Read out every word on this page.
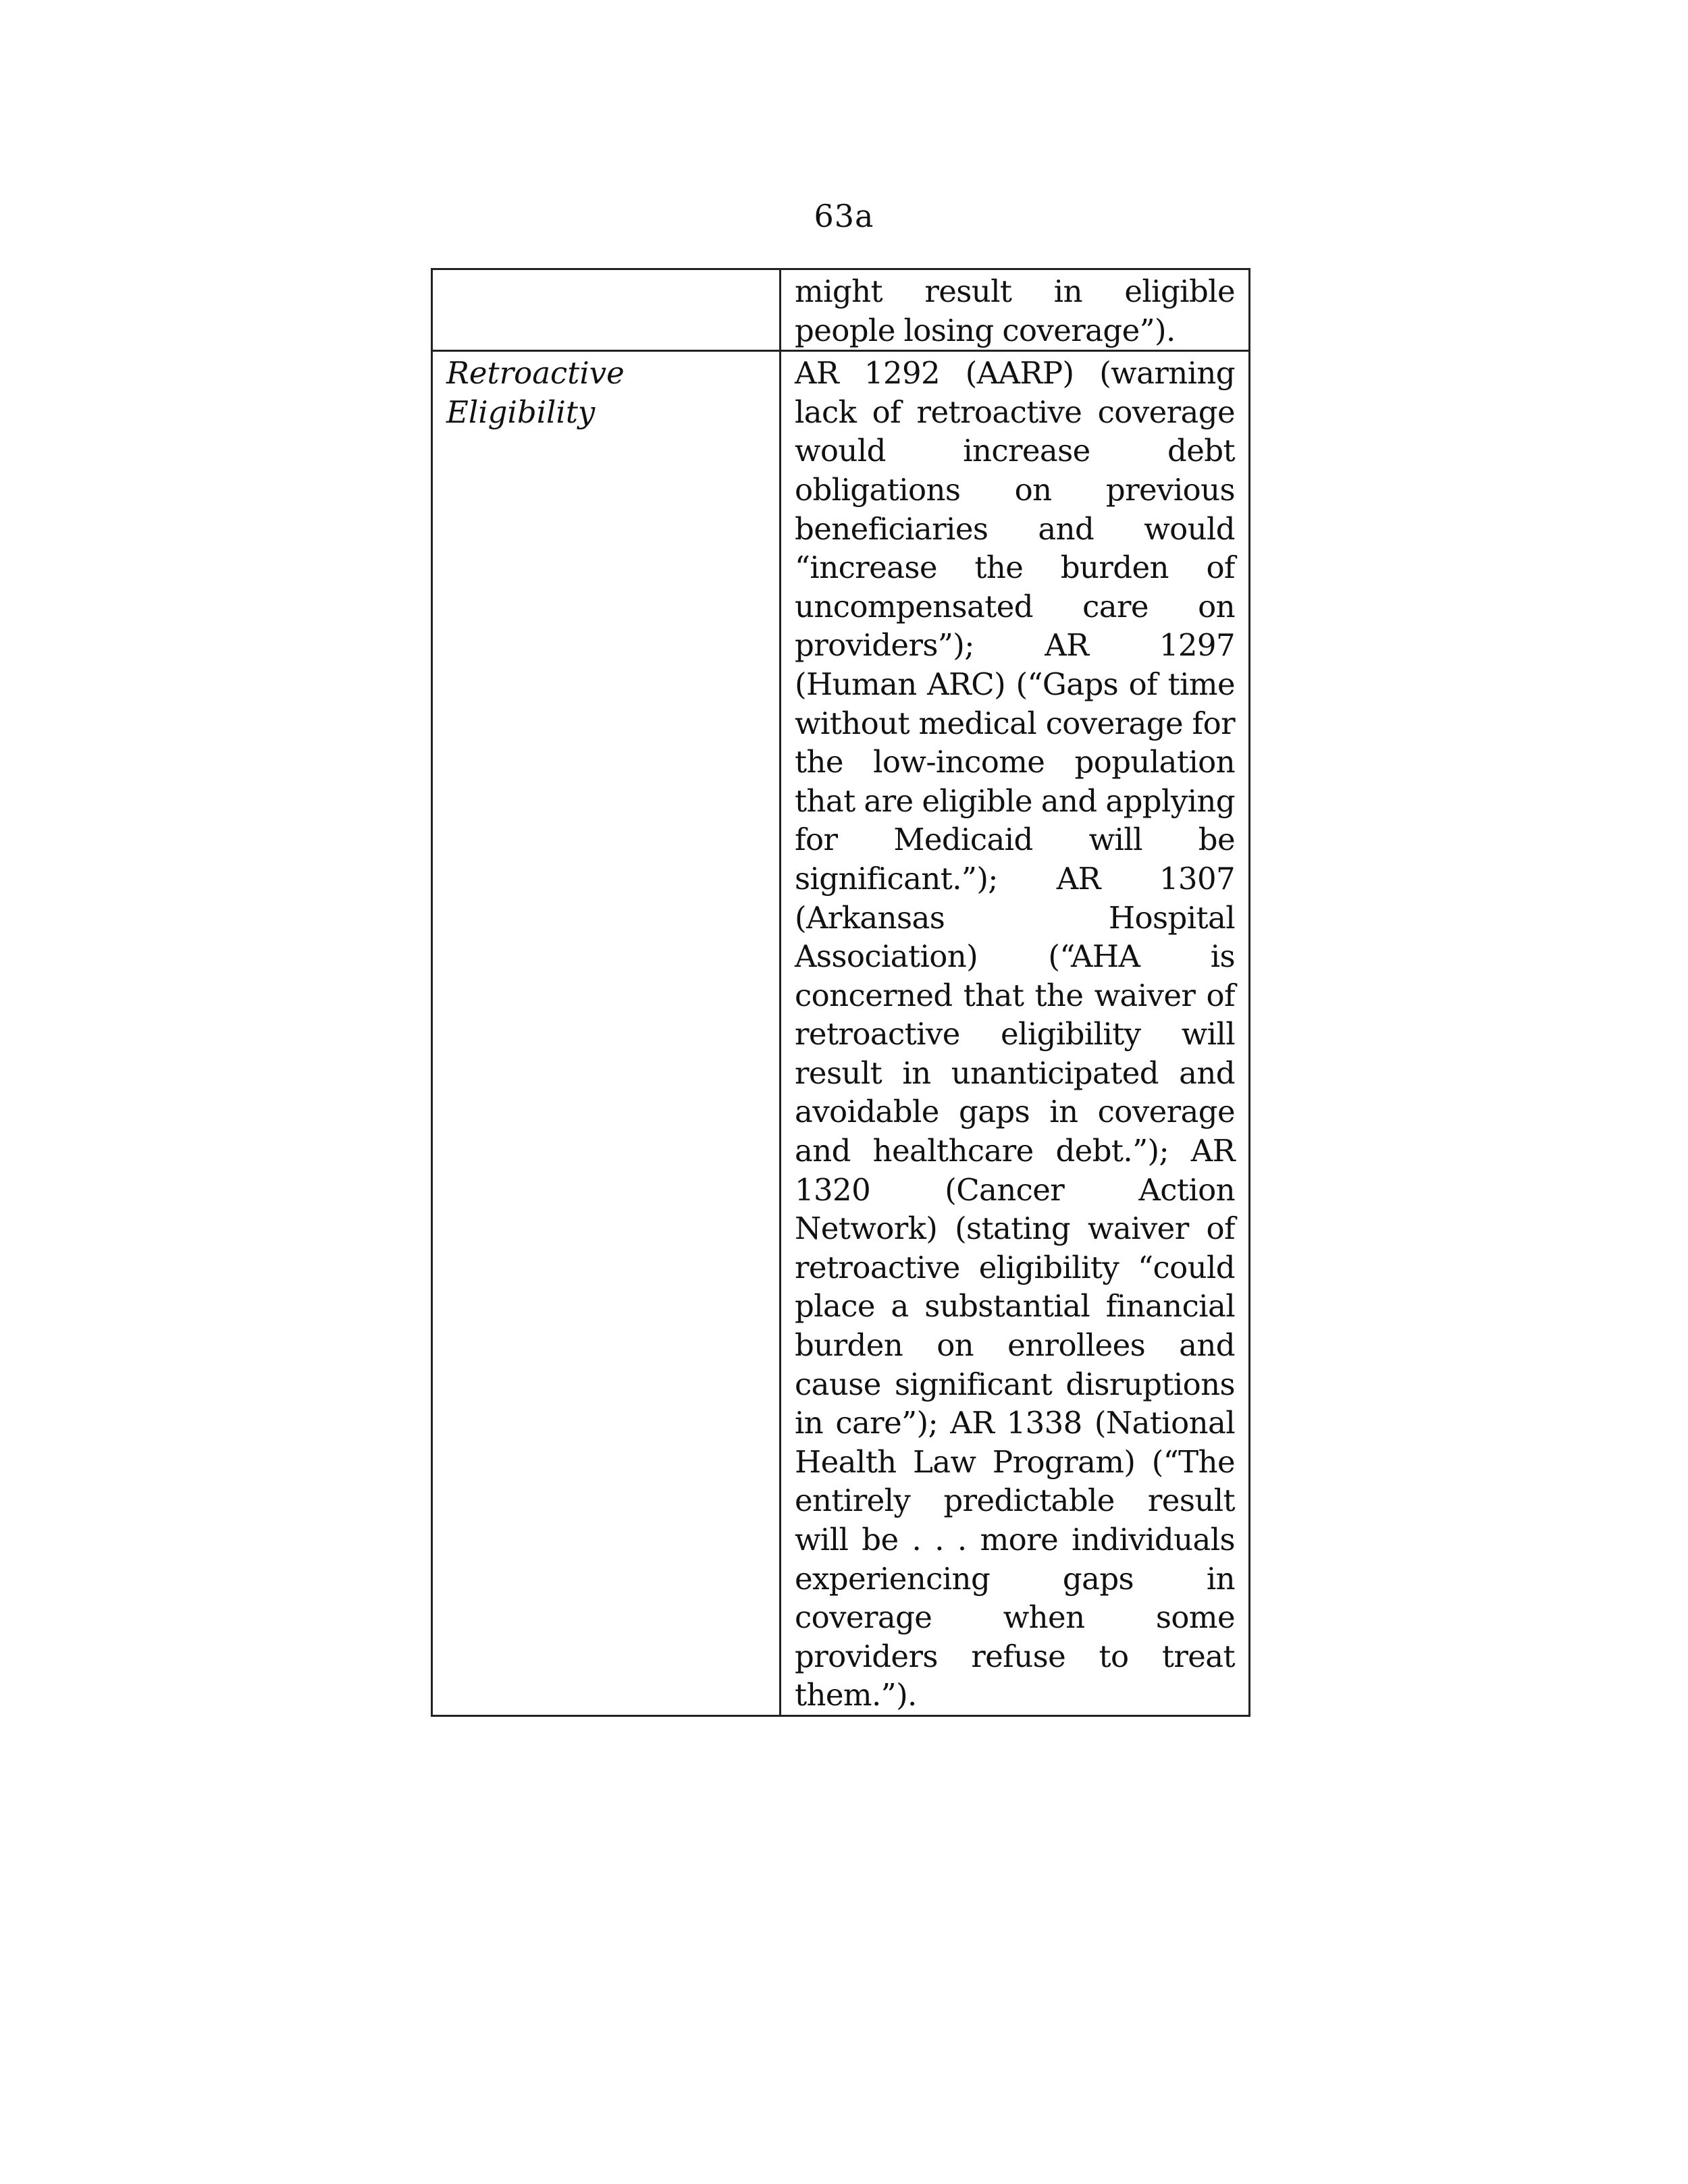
63a
	might result in eligible people losing coverage”).

Retroactive
Eligibility	AR 1292 (AARP) (warning lack of retroactive coverage would increase debt obligations on previous beneficiaries and would “increase the burden of uncompensated care on providers”); AR 1297 (Human ARC) (“Gaps of time without medical coverage for the low-income population that are eligible and applying for Medicaid will be significant.”); AR 1307 (Arkansas Hospital Association) (“AHA is concerned that the waiver of retroactive eligibility will result in unanticipated and avoidable gaps in coverage and healthcare debt.”); AR 1320 (Cancer Action Network) (stating waiver of retroactive eligibility “could place a substantial financial burden on enrollees and cause significant disruptions in care”); AR 1338 (National Health Law Program) (“The entirely predictable result will be . . . more individuals experiencing gaps in coverage when some providers refuse to treat them.”).
